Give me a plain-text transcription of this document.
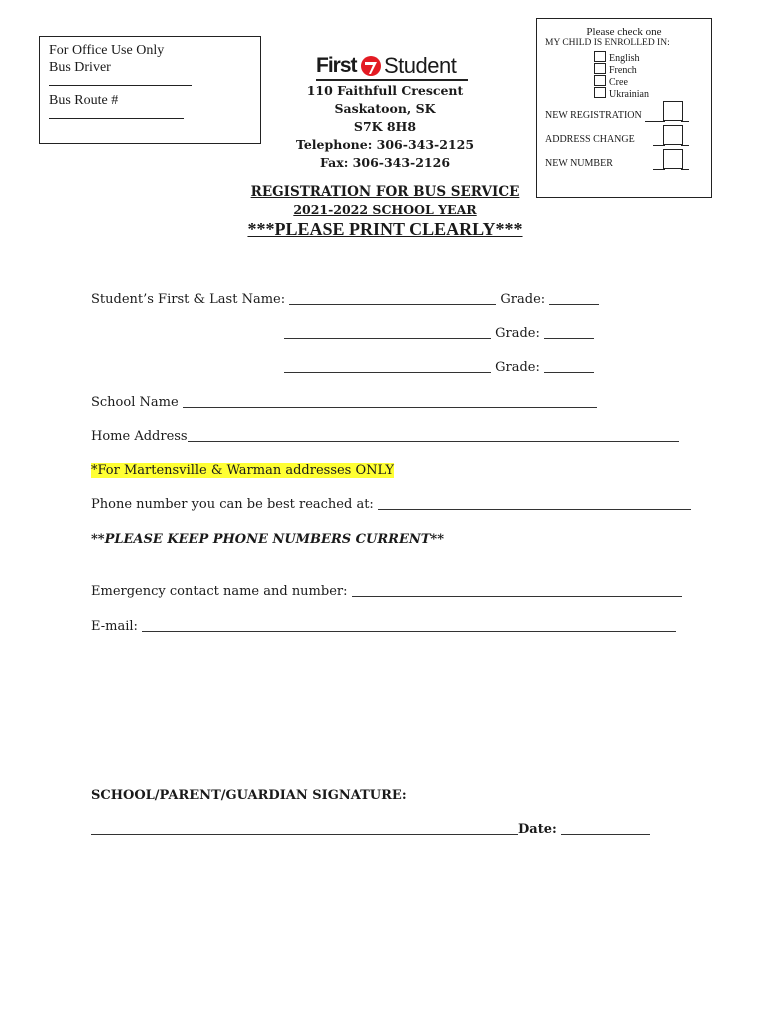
For Office Use Only
Bus Driver
Bus Route #
First Student
110 Faithfull Crescent
Saskatoon, SK
S7K 8H8
Telephone: 306-343-2125
Fax: 306-343-2126
Please check one
MY CHILD IS ENROLLED IN:
English
French
Cree
Ukrainian
NEW REGISTRATION
ADDRESS CHANGE
NEW NUMBER
REGISTRATION FOR BUS SERVICE
2021-2022 SCHOOL YEAR
***PLEASE PRINT CLEARLY***
Student’s First & Last Name:	Grade:
Grade:
Grade:
School Name
Home Address
*For Martensville & Warman addresses ONLY
Phone number you can be best reached at:
**PLEASE KEEP PHONE NUMBERS CURRENT**
Emergency contact name and number:
E-mail:
SCHOOL/PARENT/GUARDIAN SIGNATURE:
Date:
